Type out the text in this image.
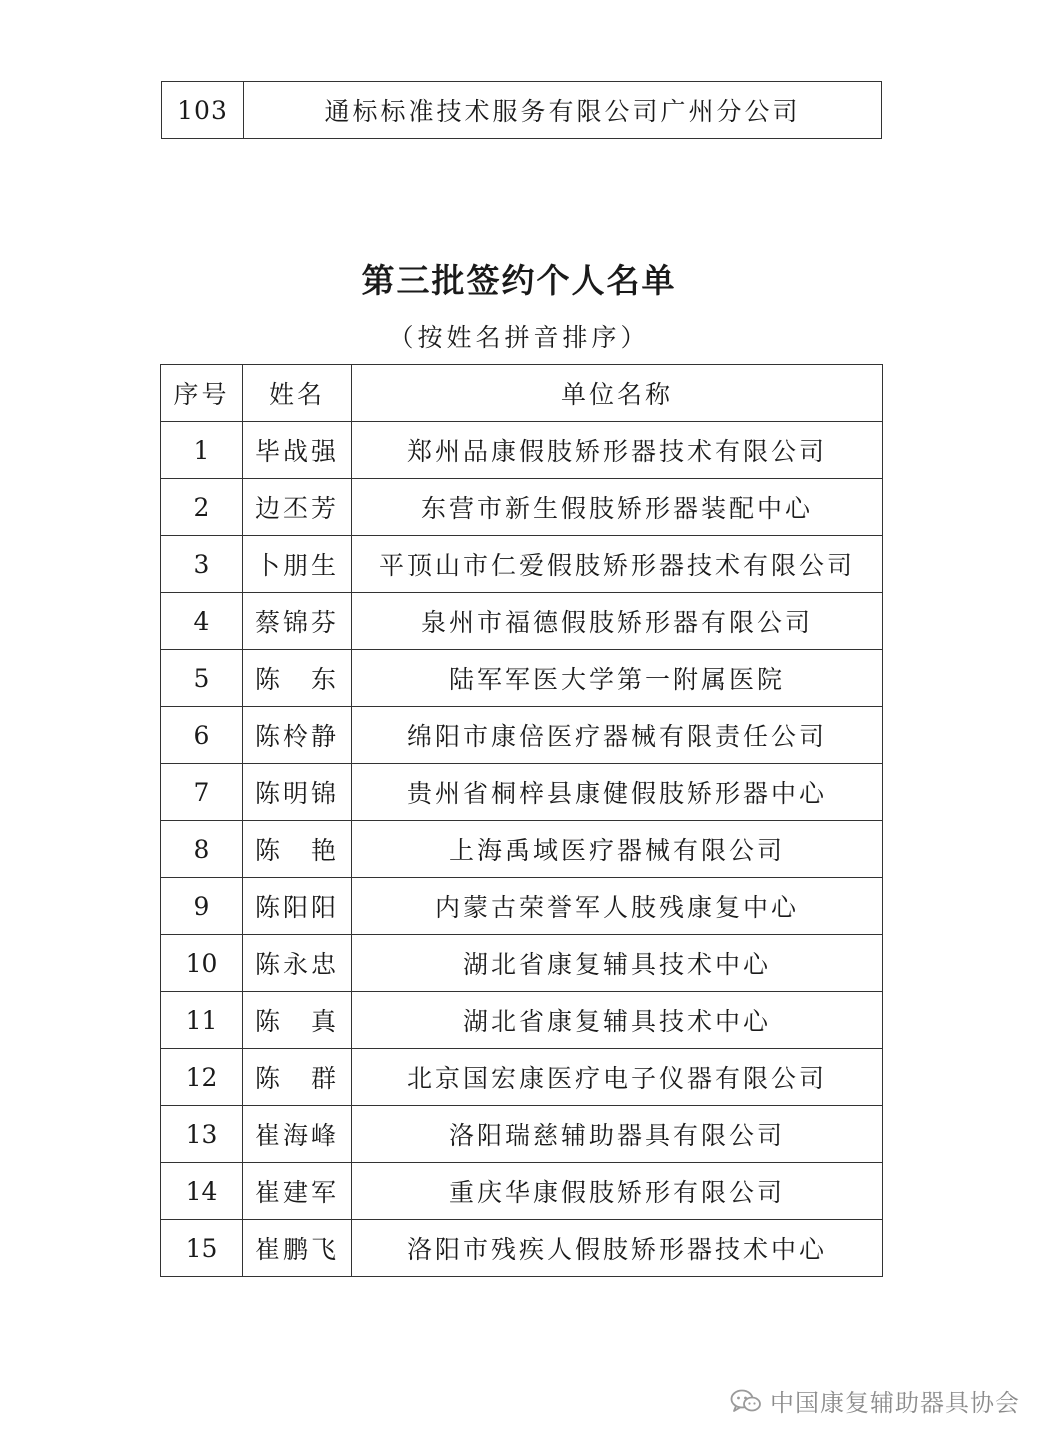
103	通标标准技术服务有限公司广州分公司
第三批签约个人名单

（按姓名拼音排序）

序号	姓名	单位名称
1	毕战强	郑州品康假肢矫形器技术有限公司
2	边丕芳	东营市新生假肢矫形器装配中心
3	卜朋生	平顶山市仁爱假肢矫形器技术有限公司
4	蔡锦芬	泉州市福德假肢矫形器有限公司
5	陈　东	陆军军医大学第一附属医院
6	陈柃静	绵阳市康倍医疗器械有限责任公司
7	陈明锦	贵州省桐梓县康健假肢矫形器中心
8	陈　艳	上海禹域医疗器械有限公司
9	陈阳阳	内蒙古荣誉军人肢残康复中心
10	陈永忠	湖北省康复辅具技术中心
11	陈　真	湖北省康复辅具技术中心
12	陈　群	北京国宏康医疗电子仪器有限公司
13	崔海峰	洛阳瑞慈辅助器具有限公司
14	崔建军	重庆华康假肢矫形有限公司
15	崔鹏飞	洛阳市残疾人假肢矫形器技术中心
中国康复辅助器具协会
